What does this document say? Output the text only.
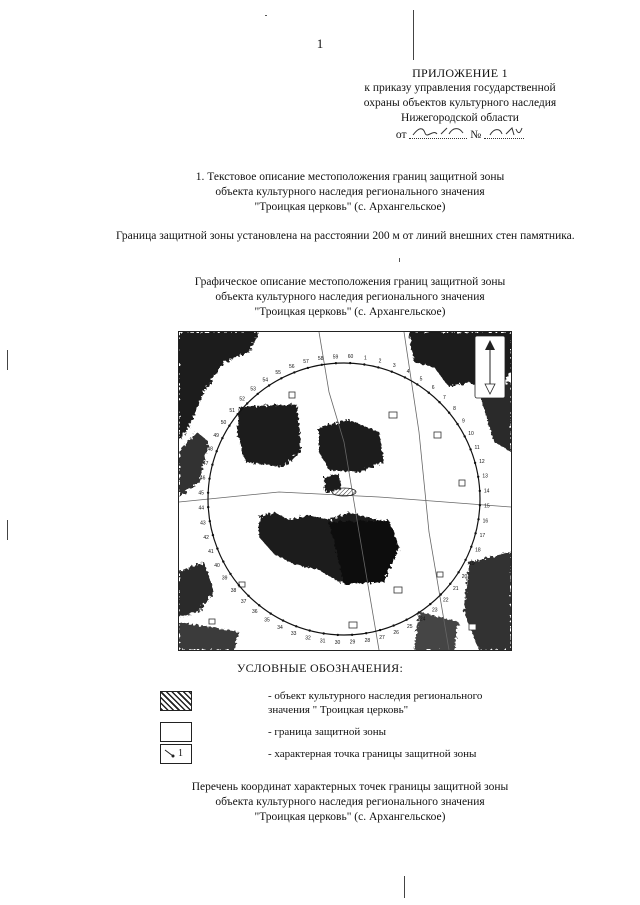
1
ПРИЛОЖЕНИЕ 1
к приказу управления государственной
охраны объектов культурного наследия
Нижегородской области
от	№
1. Текстовое описание местоположения границ защитной зоны
объекта культурного наследия регионального значения
"Троицкая церковь" (с. Архангельское)
Граница защитной зоны установлена на расстоянии 200 м от линий внешних стен памятника.
Графическое описание местоположения границ защитной зоны
объекта культурного наследия регионального значения
"Троицкая церковь" (с. Архангельское)
1 2
3
4
5
6
7
8
9
10
11
12
13
14
15
16
17
18
19
20
21
22
23
24
25
26
27
28
29
30
31
32
33
34
35
36
37
38
39
40
41
42
43
44
45
46
47
48
49
50
51
52
53
54
55
56
57
58 59 60
УСЛОВНЫЕ ОБОЗНАЧЕНИЯ:
- объект культурного наследия регионального
значения " Троицкая церковь"
- граница защитной зоны
1	- характерная точка границы защитной зоны
Перечень координат характерных точек границы защитной зоны
объекта культурного наследия регионального значения
"Троицкая церковь" (с. Архангельское)
